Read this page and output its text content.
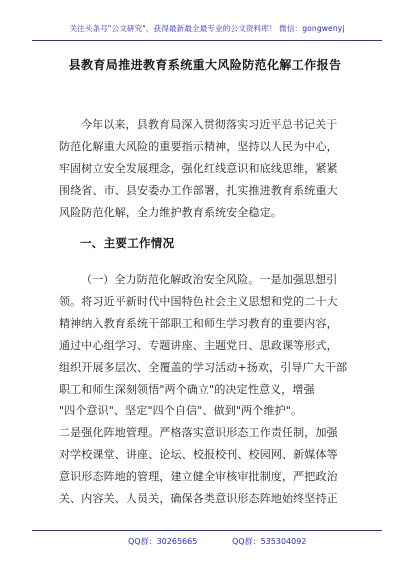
关注头条号"公文研究"，获得最新最全最专业的公文资料库！ 微信：gongwenyj
县教育局推进教育系统重大风险防范化解工作报告
今年以来，县教育局深入贯彻落实习近平总书记关于
防范化解重大风险的重要指示精神，坚持以人民为中心，
牢固树立安全发展理念，强化红线意识和底线思维，紧紧
围绕省、市、县安委办工作部署，扎实推进教育系统重大
风险防范化解，全力维护教育系统安全稳定。
一、主要工作情况
（一）全力防范化解政治安全风险。一是加强思想引
领。将习近平新时代中国特色社会主义思想和党的二十大
精神纳入教育系统干部职工和师生学习教育的重要内容，
通过中心组学习、专题讲座、主题党日、思政课等形式，
组织开展多层次、全覆盖的学习活动+扬欢，引导广大干部
职工和师生深刻领悟"两个确立"的决定性意义，增强
"四个意识"、坚定"四个自信"、做到"两个维护"。
二是强化阵地管理。严格落实意识形态工作责任制，加强
对学校课堂、讲座、论坛、校报校刊、校园网、新媒体等
意识形态阵地的管理，建立健全审核审批制度，严把政治
关、内容关、人员关，确保各类意识形态阵地始终坚持正
QQ群：30265665	QQ群：535304092
